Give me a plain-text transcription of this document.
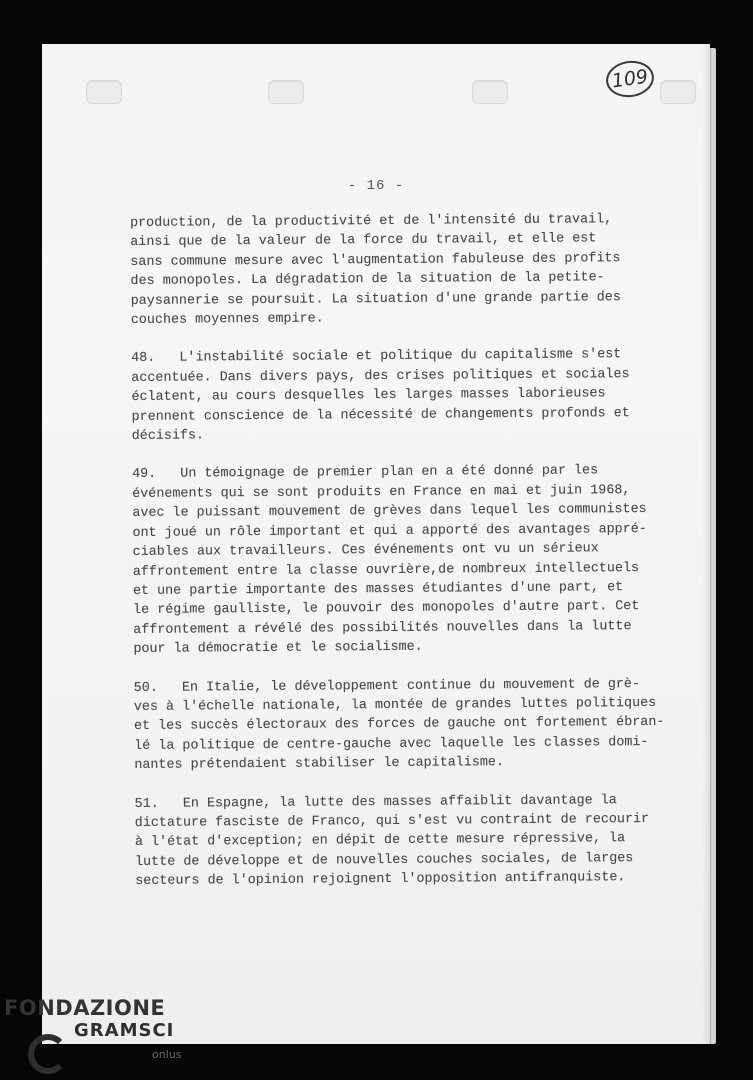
109
- 16 -

production, de la productivité et de l'intensité du travail,
ainsi que de la valeur de la force du travail, et elle est
sans commune mesure avec l'augmentation fabuleuse des profits
des monopoles. La dégradation de la situation de la petite-
paysannerie se poursuit. La situation d'une grande partie des
couches moyennes empire.

48.   L'instabilité sociale et politique du capitalisme s'est
accentuée. Dans divers pays, des crises politiques et sociales
éclatent, au cours desquelles les larges masses laborieuses
prennent conscience de la nécessité de changements profonds et
décisifs.

49.   Un témoignage de premier plan en a été donné par les
événements qui se sont produits en France en mai et juin 1968,
avec le puissant mouvement de grèves dans lequel les communistes
ont joué un rôle important et qui a apporté des avantages appré-
ciables aux travailleurs. Ces événements ont vu un sérieux
affrontement entre la classe ouvrière,de nombreux intellectuels
et une partie importante des masses étudiantes d'une part, et
le régime gaulliste, le pouvoir des monopoles d'autre part. Cet
affrontement a révélé des possibilités nouvelles dans la lutte
pour la démocratie et le socialisme.

50.   En Italie, le développement continue du mouvement de grè-
ves à l'échelle nationale, la montée de grandes luttes politiques
et les succès électoraux des forces de gauche ont fortement ébran-
lé la politique de centre-gauche avec laquelle les classes domi-
nantes prétendaient stabiliser le capitalisme.

51.   En Espagne, la lutte des masses affaiblit davantage la
dictature fasciste de Franco, qui s'est vu contraint de recourir
à l'état d'exception; en dépit de cette mesure répressive, la
lutte de développe et de nouvelles couches sociales, de larges
secteurs de l'opinion rejoignent l'opposition antifranquiste.

FONDAZIONE
GRAMSCI
onlus
